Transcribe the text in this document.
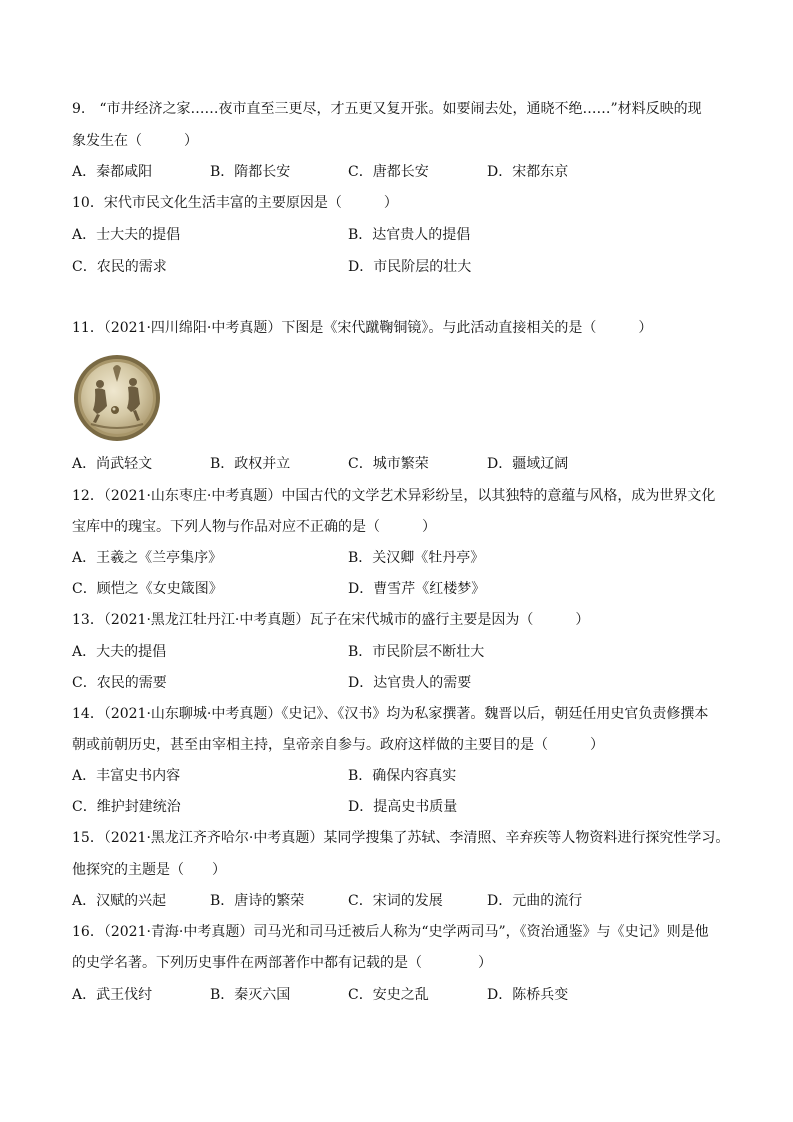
9.　“市井经济之家……夜市直至三更尽，才五更又复开张。如要闹去处，通晓不绝……”材料反映的现
象发生在（　　　）
A．秦都咸阳	B．隋都长安	C．唐都长安	D．宋都东京
10．宋代市民文化生活丰富的主要原因是（　　　）
A．士大夫的提倡	B．达官贵人的提倡
C．农民的需求	D．市民阶层的壮大
11．（2021·四川绵阳·中考真题）下图是《宋代蹴鞠铜镜》。与此活动直接相关的是（　　　）
A．尚武轻文	B．政权并立	C．城市繁荣	D．疆域辽阔
12．（2021·山东枣庄·中考真题）中国古代的文学艺术异彩纷呈，以其独特的意蕴与风格，成为世界文化
宝库中的瑰宝。下列人物与作品对应不正确的是（　　　）
A．王羲之《兰亭集序》	B．关汉卿《牡丹亭》
C．顾恺之《女史箴图》	D．曹雪芹《红楼梦》
13．（2021·黑龙江牡丹江·中考真题）瓦子在宋代城市的盛行主要是因为（　　　）
A．大夫的提倡	B．市民阶层不断壮大
C．农民的需要	D．达官贵人的需要
14．（2021·山东聊城·中考真题）《史记》、《汉书》均为私家撰著。魏晋以后，朝廷任用史官负责修撰本
朝或前朝历史，甚至由宰相主持，皇帝亲自参与。政府这样做的主要目的是（　　　）
A．丰富史书内容	B．确保内容真实
C．维护封建统治	D．提高史书质量
15．（2021·黑龙江齐齐哈尔·中考真题）某同学搜集了苏轼、李清照、辛弃疾等人物资料进行探究性学习。
他探究的主题是（　　）
A．汉赋的兴起	B．唐诗的繁荣	C．宋词的发展	D．元曲的流行
16．（2021·青海·中考真题）司马光和司马迁被后人称为“史学两司马”，《资治通鉴》与《史记》则是他
的史学名著。下列历史事件在两部著作中都有记载的是（　　　　）
A．武王伐纣	B．秦灭六国	C．安史之乱	D．陈桥兵变
